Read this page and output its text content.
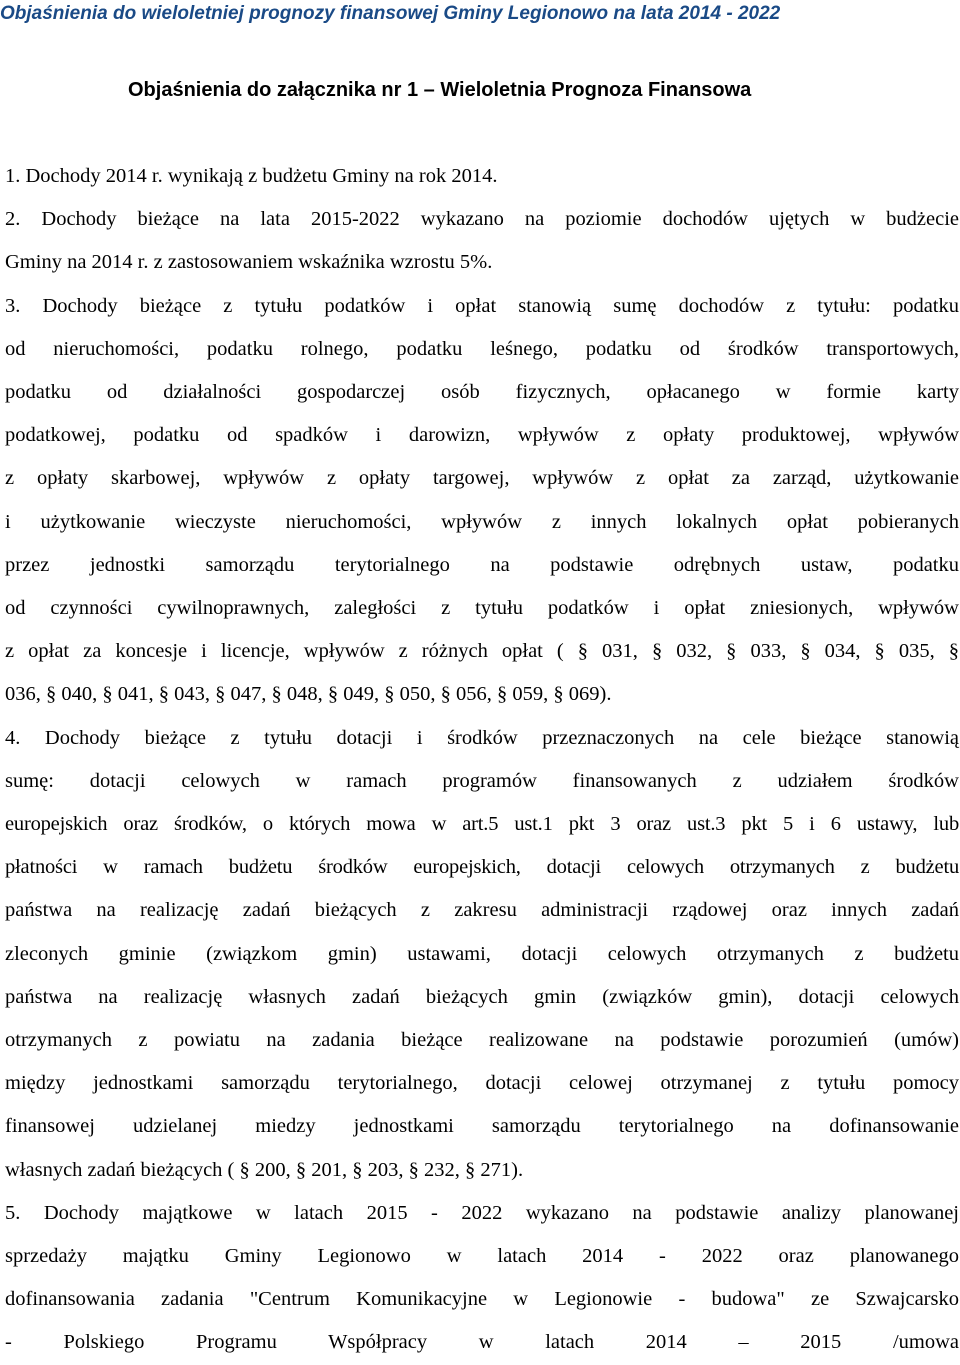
Objaśnienia do wieloletniej prognozy finansowej Gminy Legionowo na lata 2014 - 2022
Objaśnienia do załącznika nr 1 – Wieloletnia Prognoza Finansowa
1. Dochody 2014 r. wynikają z budżetu Gminy na rok 2014.
2. Dochody bieżące na lata 2015-2022 wykazano na poziomie dochodów ujętych w budżecie
Gminy na 2014 r. z zastosowaniem wskaźnika wzrostu 5%.
3. Dochody bieżące z tytułu podatków i opłat stanowią sumę dochodów z tytułu: podatku
od nieruchomości, podatku rolnego, podatku leśnego, podatku od środków transportowych,
podatku od działalności gospodarczej osób fizycznych, opłacanego w formie karty
podatkowej, podatku od spadków i darowizn, wpływów z opłaty produktowej, wpływów
z opłaty skarbowej, wpływów z opłaty targowej, wpływów z opłat za zarząd, użytkowanie
i użytkowanie wieczyste nieruchomości, wpływów z innych lokalnych opłat pobieranych
przez jednostki samorządu terytorialnego na podstawie odrębnych ustaw, podatku
od czynności cywilnoprawnych, zaległości z tytułu podatków i opłat zniesionych, wpływów
z opłat za koncesje i licencje, wpływów z różnych opłat ( § 031, § 032, § 033, § 034, § 035, §
036, § 040, § 041, § 043, § 047, § 048, § 049, § 050, § 056, § 059, § 069).
4. Dochody bieżące z tytułu dotacji i środków przeznaczonych na cele bieżące stanowią
sumę: dotacji celowych w ramach programów finansowanych z udziałem środków
europejskich oraz środków, o których mowa w art.5 ust.1 pkt 3 oraz ust.3 pkt 5 i 6 ustawy, lub
płatności w ramach budżetu środków europejskich, dotacji celowych otrzymanych z budżetu
państwa na realizację zadań bieżących z zakresu administracji rządowej oraz innych zadań
zleconych gminie (związkom gmin) ustawami, dotacji celowych otrzymanych z budżetu
państwa na realizację własnych zadań bieżących gmin (związków gmin), dotacji celowych
otrzymanych z powiatu na zadania bieżące realizowane na podstawie porozumień (umów)
między jednostkami samorządu terytorialnego, dotacji celowej otrzymanej z tytułu pomocy
finansowej udzielanej miedzy jednostkami samorządu terytorialnego na dofinansowanie
własnych zadań bieżących ( § 200, § 201, § 203, § 232, § 271).
5. Dochody majątkowe w latach 2015 - 2022 wykazano na podstawie analizy planowanej
sprzedaży majątku Gminy Legionowo w latach 2014 - 2022 oraz planowanego
dofinansowania zadania "Centrum Komunikacyjne w Legionowie - budowa" ze Szwajcarsko
- Polskiego Programu Współpracy w latach 2014 – 2015 /umowa
